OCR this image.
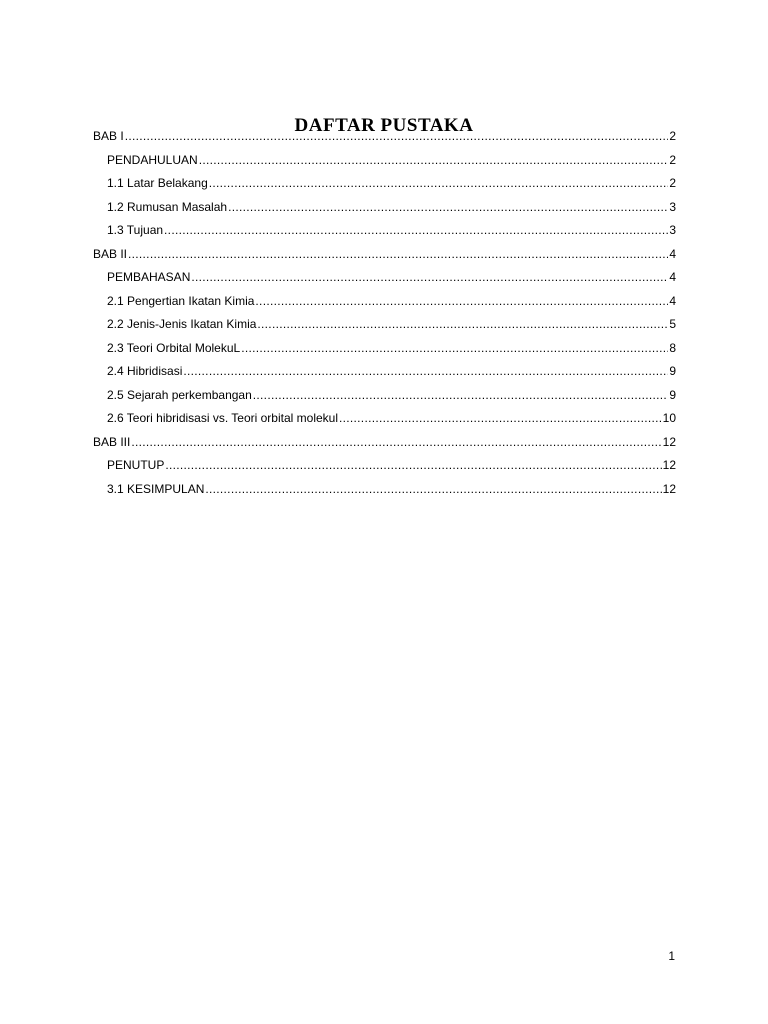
DAFTAR PUSTAKA
BAB I .....	2
PENDAHULUAN .....	2
1.1 Latar Belakang .....	2
1.2 Rumusan Masalah .....	3
1.3 Tujuan .....	3
BAB II .....	4
PEMBAHASAN .....	4
2.1 Pengertian Ikatan Kimia .....	4
2.2 Jenis-Jenis Ikatan Kimia .....	5
2.3 Teori Orbital MolekuL .....	8
2.4 Hibridisasi .....	9
2.5 Sejarah perkembangan .....	9
2.6 Teori hibridisasi vs. Teori orbital molekul .....	10
BAB III .....	12
PENUTUP .....	12
3.1 KESIMPULAN .....	12
1
